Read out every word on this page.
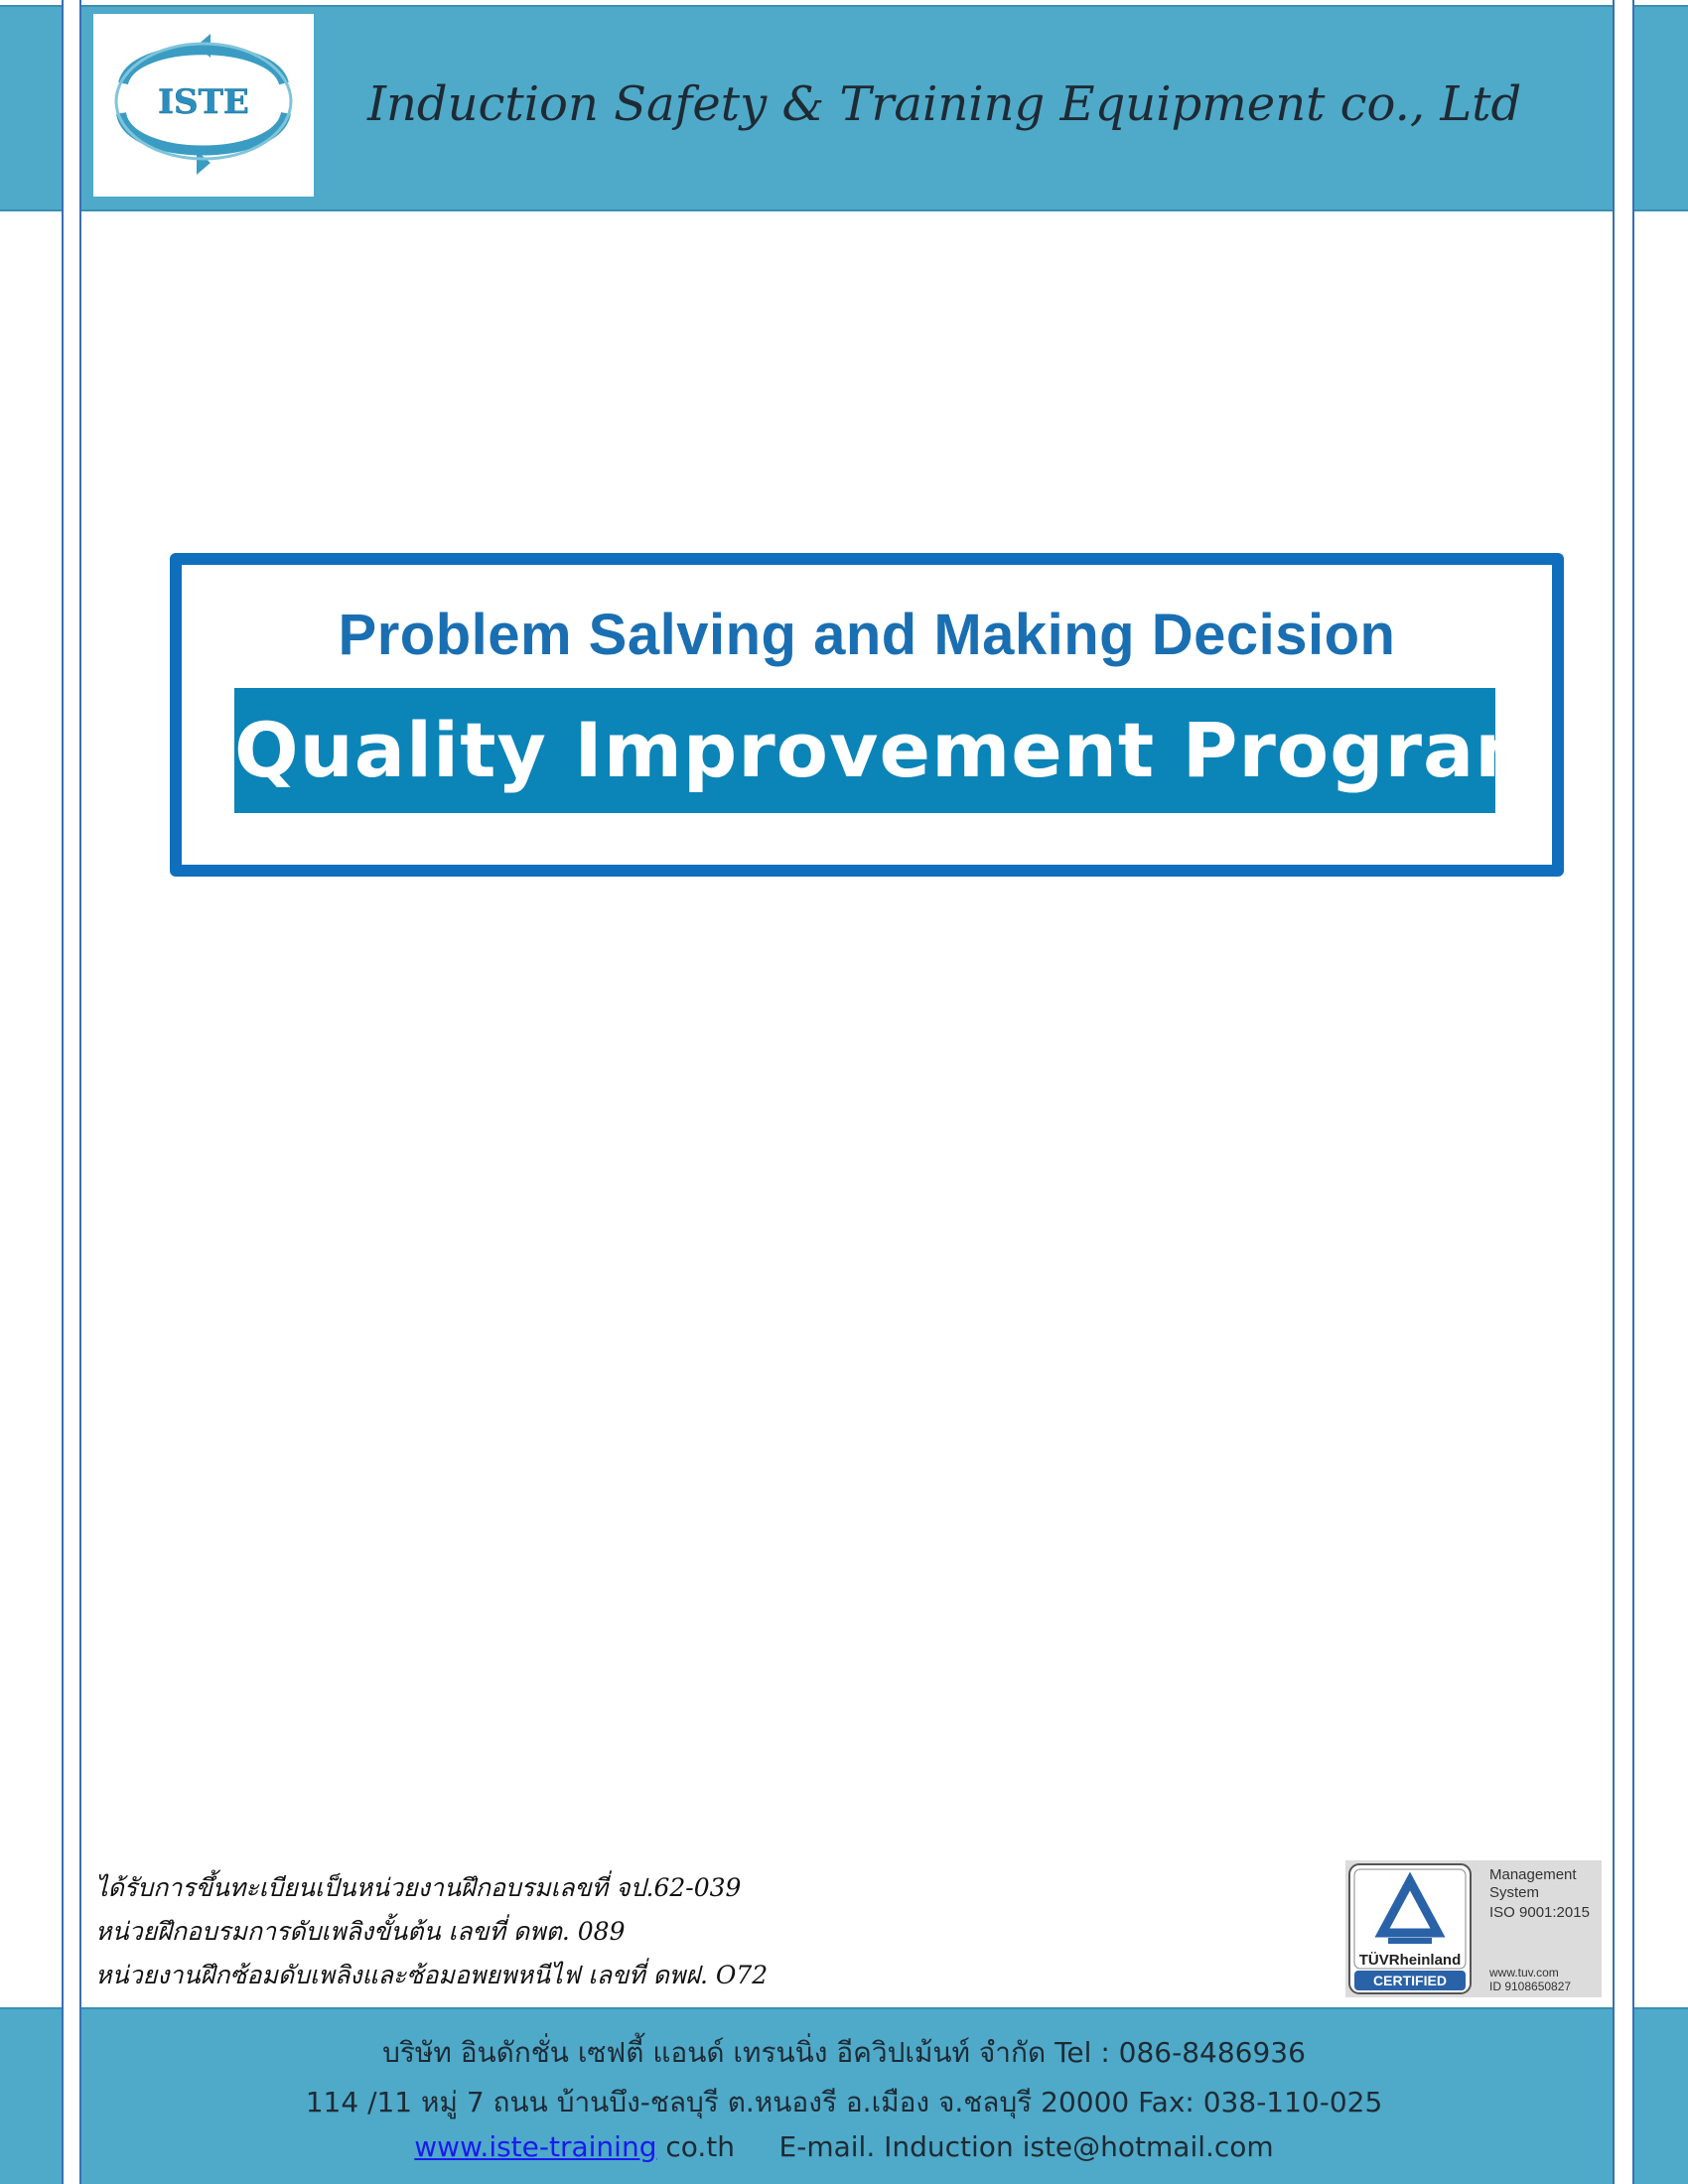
ISTE Induction Safety & Training Equipment co., Ltd
Problem Salving and Making Decision
Quality Improvement Program
ได้รับการขึ้นทะเบียนเป็นหน่วยงานฝึกอบรมเลขที่ จป.62-039
หน่วยฝึกอบรมการดับเพลิงขั้นต้น เลขที่ ดพต. 089
หน่วยงานฝึกซ้อมดับเพลิงและซ้อมอพยพหนีไฟ เลขที่ ดพฝ. O72
TÜVRheinland
CERTIFIED
Management
System
ISO 9001:2015
www.tuv.com
ID 9108650827
บริษัท อินดักชั่น เซฟตี้ แอนด์ เทรนนิ่ง อีควิปเม้นท์ จำกัด Tel : 086-8486936
114 /11 หมู่ 7 ถนน บ้านบึง-ชลบุรี ต.หนองรี อ.เมือง จ.ชลบุรี 20000 Fax: 038-110-025
www.iste-training co.th E-mail. Induction iste@hotmail.com
